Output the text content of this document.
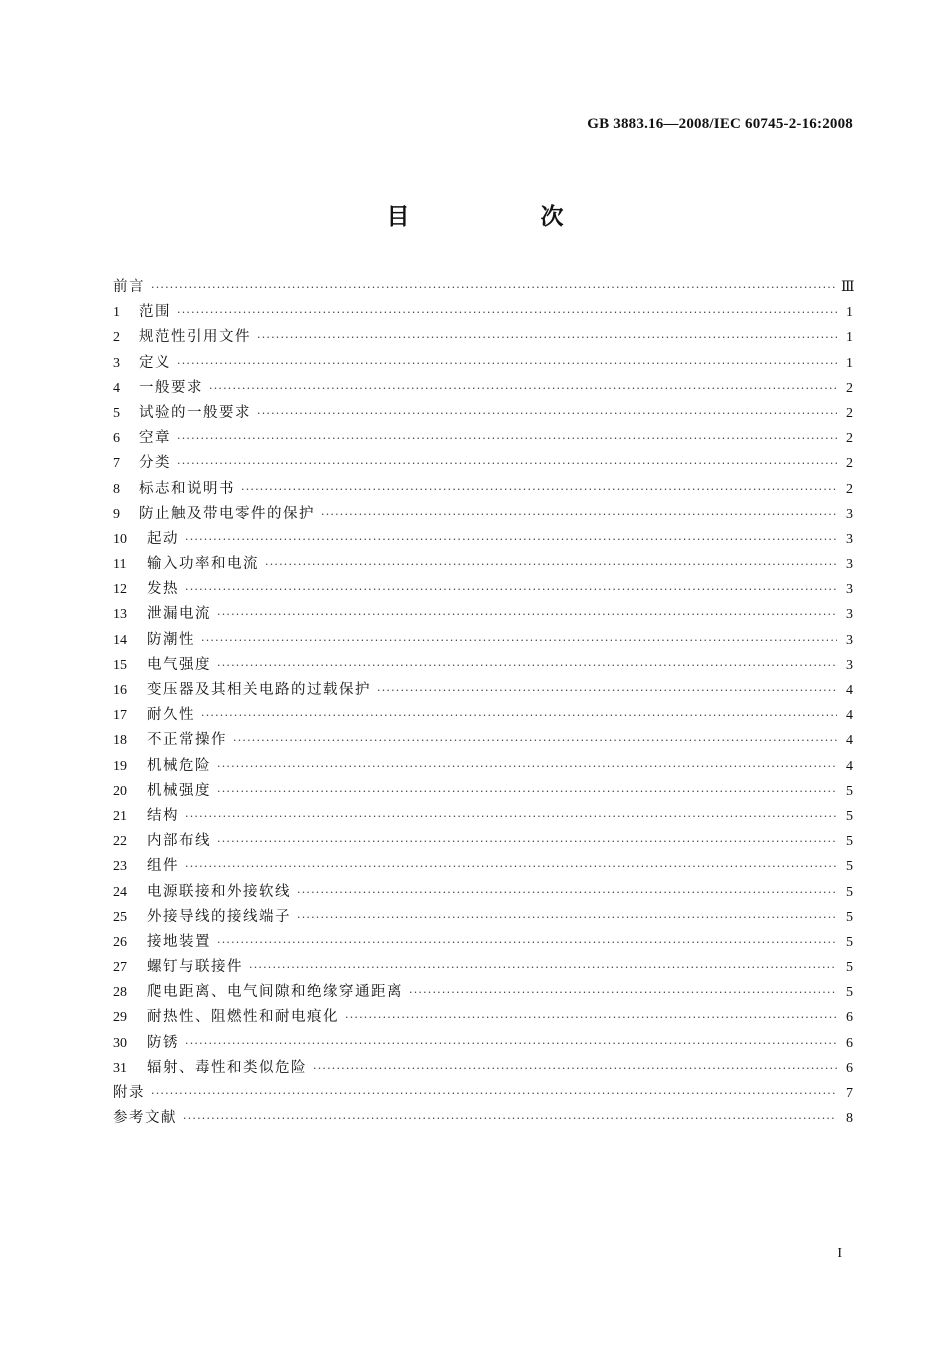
GB 3883.16—2008/IEC 60745-2-16:2008
目　次
前言 ·····	Ⅲ
1	范围 ·····	1
2	规范性引用文件 ·····	1
3	定义 ·····	1
4	一般要求 ·····	2
5	试验的一般要求 ·····	2
6	空章 ·····	2
7	分类 ·····	2
8	标志和说明书 ·····	2
9	防止触及带电零件的保护 ·····	3
10	起动 ·····	3
11	输入功率和电流 ·····	3
12	发热 ·····	3
13	泄漏电流 ·····	3
14	防潮性 ·····	3
15	电气强度 ·····	3
16	变压器及其相关电路的过载保护 ·····	4
17	耐久性 ·····	4
18	不正常操作 ·····	4
19	机械危险 ·····	4
20	机械强度 ·····	5
21	结构 ·····	5
22	内部布线 ·····	5
23	组件 ·····	5
24	电源联接和外接软线 ·····	5
25	外接导线的接线端子 ·····	5
26	接地装置 ·····	5
27	螺钉与联接件 ·····	5
28	爬电距离、电气间隙和绝缘穿通距离 ·····	5
29	耐热性、阻燃性和耐电痕化 ·····	6
30	防锈 ·····	6
31	辐射、毒性和类似危险 ·····	6
附录 ·····	7
参考文献 ·····	8
I
